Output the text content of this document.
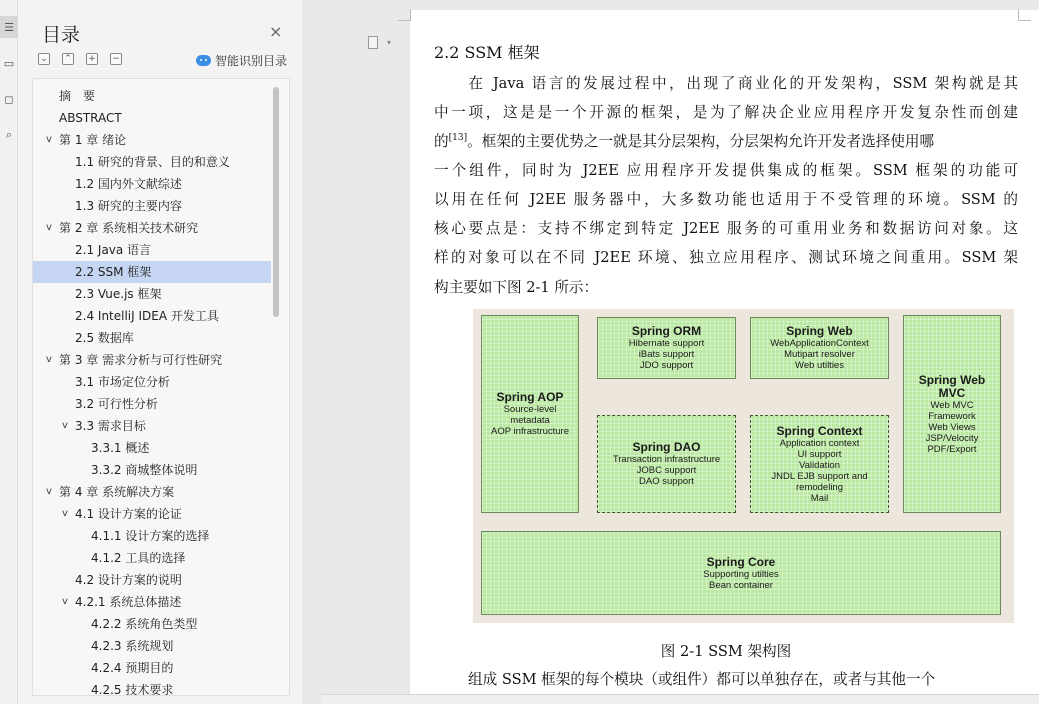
☰
▭
◻
⌕
目录	×
⌄ ⌃ + −	智能识别目录
摘　要
ABSTRACT
v 第 1 章 绪论
1.1 研究的背景、目的和意义
1.2 国内外文献综述
1.3 研究的主要内容
v 第 2 章 系统相关技术研究
2.1 Java 语言
2.2 SSM 框架
2.3 Vue.js 框架
2.4 IntelliJ IDEA 开发工具
2.5 数据库
v 第 3 章 需求分析与可行性研究
3.1 市场定位分析
3.2 可行性分析
v 3.3 需求目标
3.3.1 概述
3.3.2 商城整体说明
v 第 4 章 系统解决方案
v 4.1 设计方案的论证
4.1.1 设计方案的选择
4.1.2 工具的选择
4.2 设计方案的说明
v 4.2.1 系统总体描述
4.2.2 系统角色类型
4.2.3 系统规划
4.2.4 预期目的
4.2.5 技术要求
▾
2.2 SSM 框架
　　在 Java 语言的发展过程中，出现了商业化的开发架构，SSM 架构就是其
中一项，这是是一个开源的框架，是为了解决企业应用程序开发复杂性而创建
的[13]。框架的主要优势之一就是其分层架构，分层架构允许开发者选择使用哪
一个组件，同时为 J2EE 应用程序开发提供集成的框架。SSM 框架的功能可
以用在任何 J2EE 服务器中，大多数功能也适用于不受管理的环境。SSM 的
核心要点是：支持不绑定到特定 J2EE 服务的可重用业务和数据访问对象。这
样的对象可以在不同 J2EE 环境、独立应用程序、测试环境之间重用。SSM 架
构主要如下图 2-1 所示：
Spring AOP
Source-level
metadata
AOP infrastructure
Spring ORM
Hibernate support
iBats support
JDO support
Spring Web
WebApplicationContext
Mutipart resolver
Web utilties
Spring Web MVC
Web MVC
Framework
Web Views
JSP/Velocity
PDF/Export
Spring DAO
Transaction infrastructure
JOBC support
DAO support
Spring Context
Application context
UI support
Validation
JNDL EJB support and
remodeling
Mail
Spring Core
Supporting utilties
Bean container
图 2-1 SSM 架构图
组成 SSM 框架的每个模块（或组件）都可以单独存在，或者与其他一个
